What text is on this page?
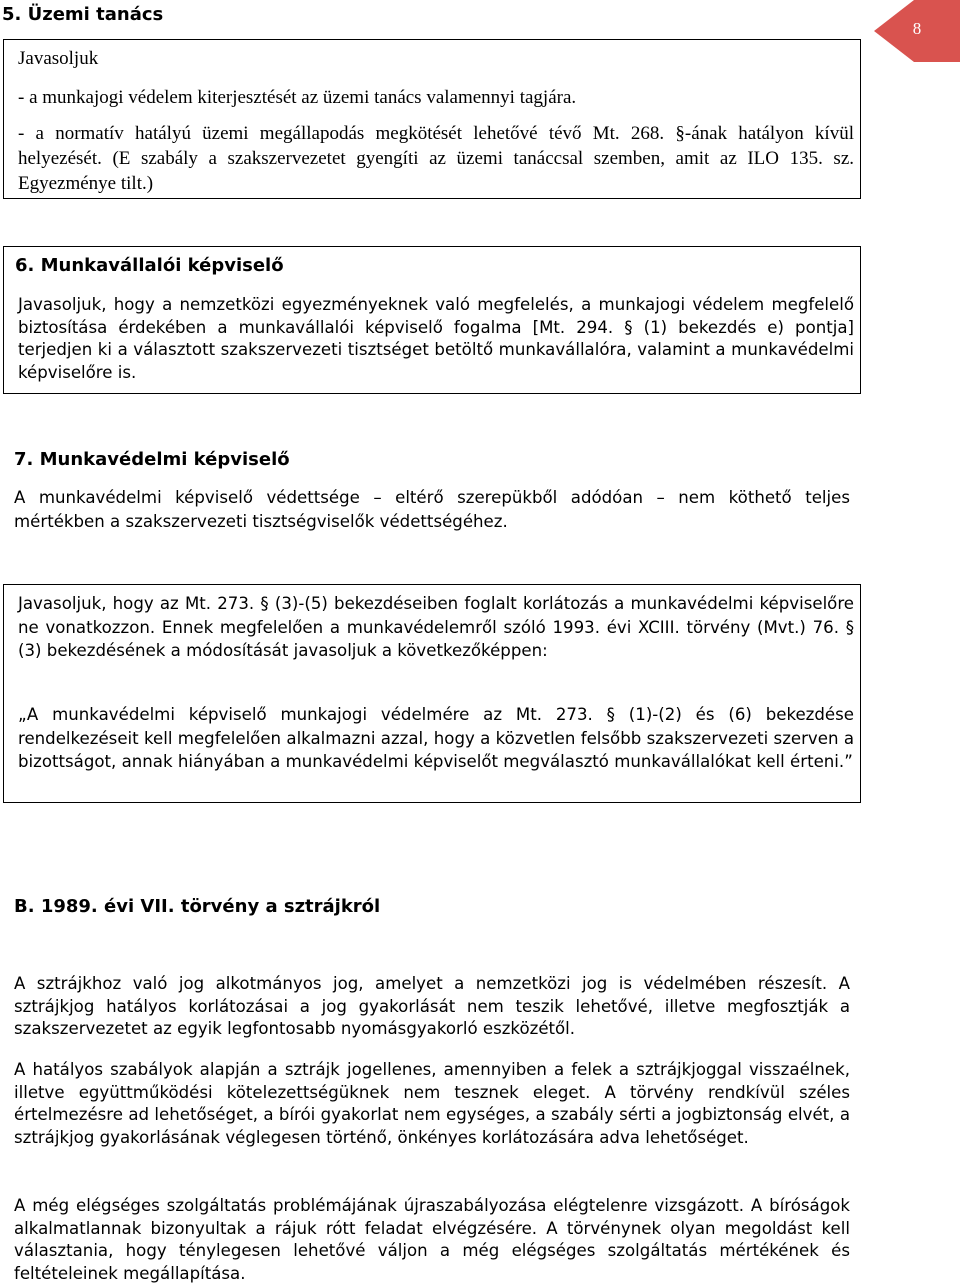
8
5. Üzemi tanács
Javasoljuk
- a munkajogi védelem kiterjesztését az üzemi tanács valamennyi tagjára.
- a normatív hatályú üzemi megállapodás megkötését lehetővé tévő Mt. 268. §-ának hatályon kívül helyezését. (E szabály a szakszervezetet gyengíti az üzemi tanáccsal szemben, amit az ILO 135. sz. Egyezménye tilt.)
6. Munkavállalói képviselő
Javasoljuk, hogy a nemzetközi egyezményeknek való megfelelés, a munkajogi védelem megfelelő biztosítása érdekében a munkavállalói képviselő fogalma [Mt. 294. § (1) bekezdés e) pontja] terjedjen ki a választott szakszervezeti tisztséget betöltő munkavállalóra, valamint a munkavédelmi képviselőre is.
7. Munkavédelmi képviselő
A munkavédelmi képviselő védettsége – eltérő szerepükből adódóan – nem köthető teljes mértékben a szakszervezeti tisztségviselők védettségéhez.
Javasoljuk, hogy az Mt. 273. § (3)-(5) bekezdéseiben foglalt korlátozás a munkavédelmi képviselőre ne vonatkozzon. Ennek megfelelően a munkavédelemről szóló 1993. évi XCIII. törvény (Mvt.) 76. § (3) bekezdésének a módosítását javasoljuk a következőképpen:
„A munkavédelmi képviselő munkajogi védelmére az Mt. 273. § (1)-(2) és (6) bekezdése rendelkezéseit kell megfelelően alkalmazni azzal, hogy a közvetlen felsőbb szakszervezeti szerven a bizottságot, annak hiányában a munkavédelmi képviselőt megválasztó munkavállalókat kell érteni.”
B. 1989. évi VII. törvény a sztrájkról
A sztrájkhoz való jog alkotmányos jog, amelyet a nemzetközi jog is védelmében részesít. A sztrájkjog hatályos korlátozásai a jog gyakorlását nem teszik lehetővé, illetve megfosztják a szakszervezetet az egyik legfontosabb nyomásgyakorló eszközétől.
A hatályos szabályok alapján a sztrájk jogellenes, amennyiben a felek a sztrájkjoggal visszaélnek, illetve együttműködési kötelezettségüknek nem tesznek eleget. A törvény rendkívül széles értelmezésre ad lehetőséget, a bírói gyakorlat nem egységes, a szabály sérti a jogbiztonság elvét, a sztrájkjog gyakorlásának véglegesen történő, önkényes korlátozására adva lehetőséget.
A még elégséges szolgáltatás problémájának újraszabályozása elégtelenre vizsgázott. A bíróságok alkalmatlannak bizonyultak a rájuk rótt feladat elvégzésére. A törvénynek olyan megoldást kell választania, hogy ténylegesen lehetővé váljon a még elégséges szolgáltatás mértékének és feltételeinek megállapítása.
